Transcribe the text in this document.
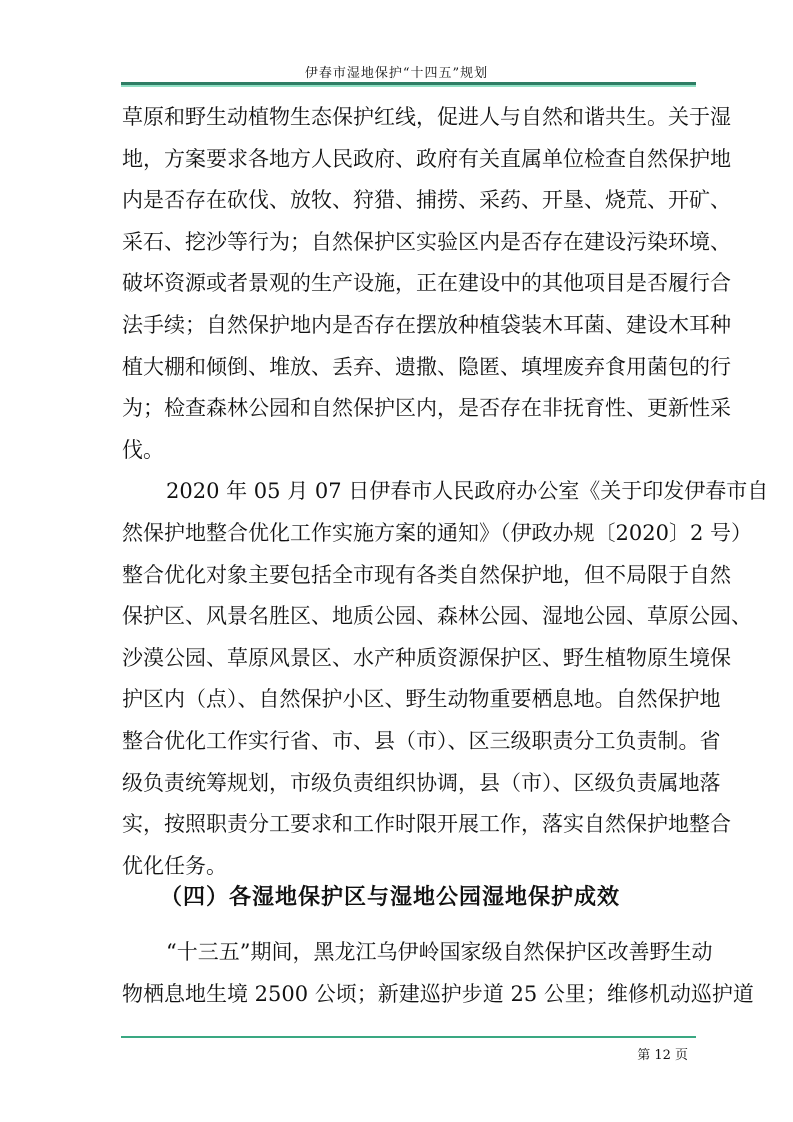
伊春市湿地保护“十四五”规划
草原和野生动植物生态保护红线，促进人与自然和谐共生。关于湿
地，方案要求各地方人民政府、政府有关直属单位检查自然保护地
内是否存在砍伐、放牧、狩猎、捕捞、采药、开垦、烧荒、开矿、
采石、挖沙等行为；自然保护区实验区内是否存在建设污染环境、
破坏资源或者景观的生产设施，正在建设中的其他项目是否履行合
法手续；自然保护地内是否存在摆放种植袋装木耳菌、建设木耳种
植大棚和倾倒、堆放、丢弃、遗撒、隐匿、填埋废弃食用菌包的行
为；检查森林公园和自然保护区内，是否存在非抚育性、更新性采
伐。
2020 年 05 月 07 日伊春市人民政府办公室《关于印发伊春市自
然保护地整合优化工作实施方案的通知》（伊政办规〔2020〕2 号）
整合优化对象主要包括全市现有各类自然保护地，但不局限于自然
保护区、风景名胜区、地质公园、森林公园、湿地公园、草原公园、
沙漠公园、草原风景区、水产种质资源保护区、野生植物原生境保
护区内（点）、自然保护小区、野生动物重要栖息地。自然保护地
整合优化工作实行省、市、县（市）、区三级职责分工负责制。省
级负责统筹规划，市级负责组织协调，县（市）、区级负责属地落
实，按照职责分工要求和工作时限开展工作，落实自然保护地整合
优化任务。
（四）各湿地保护区与湿地公园湿地保护成效
“十三五”期间，黑龙江乌伊岭国家级自然保护区改善野生动
物栖息地生境 2500 公顷；新建巡护步道 25 公里；维修机动巡护道
第 12 页
